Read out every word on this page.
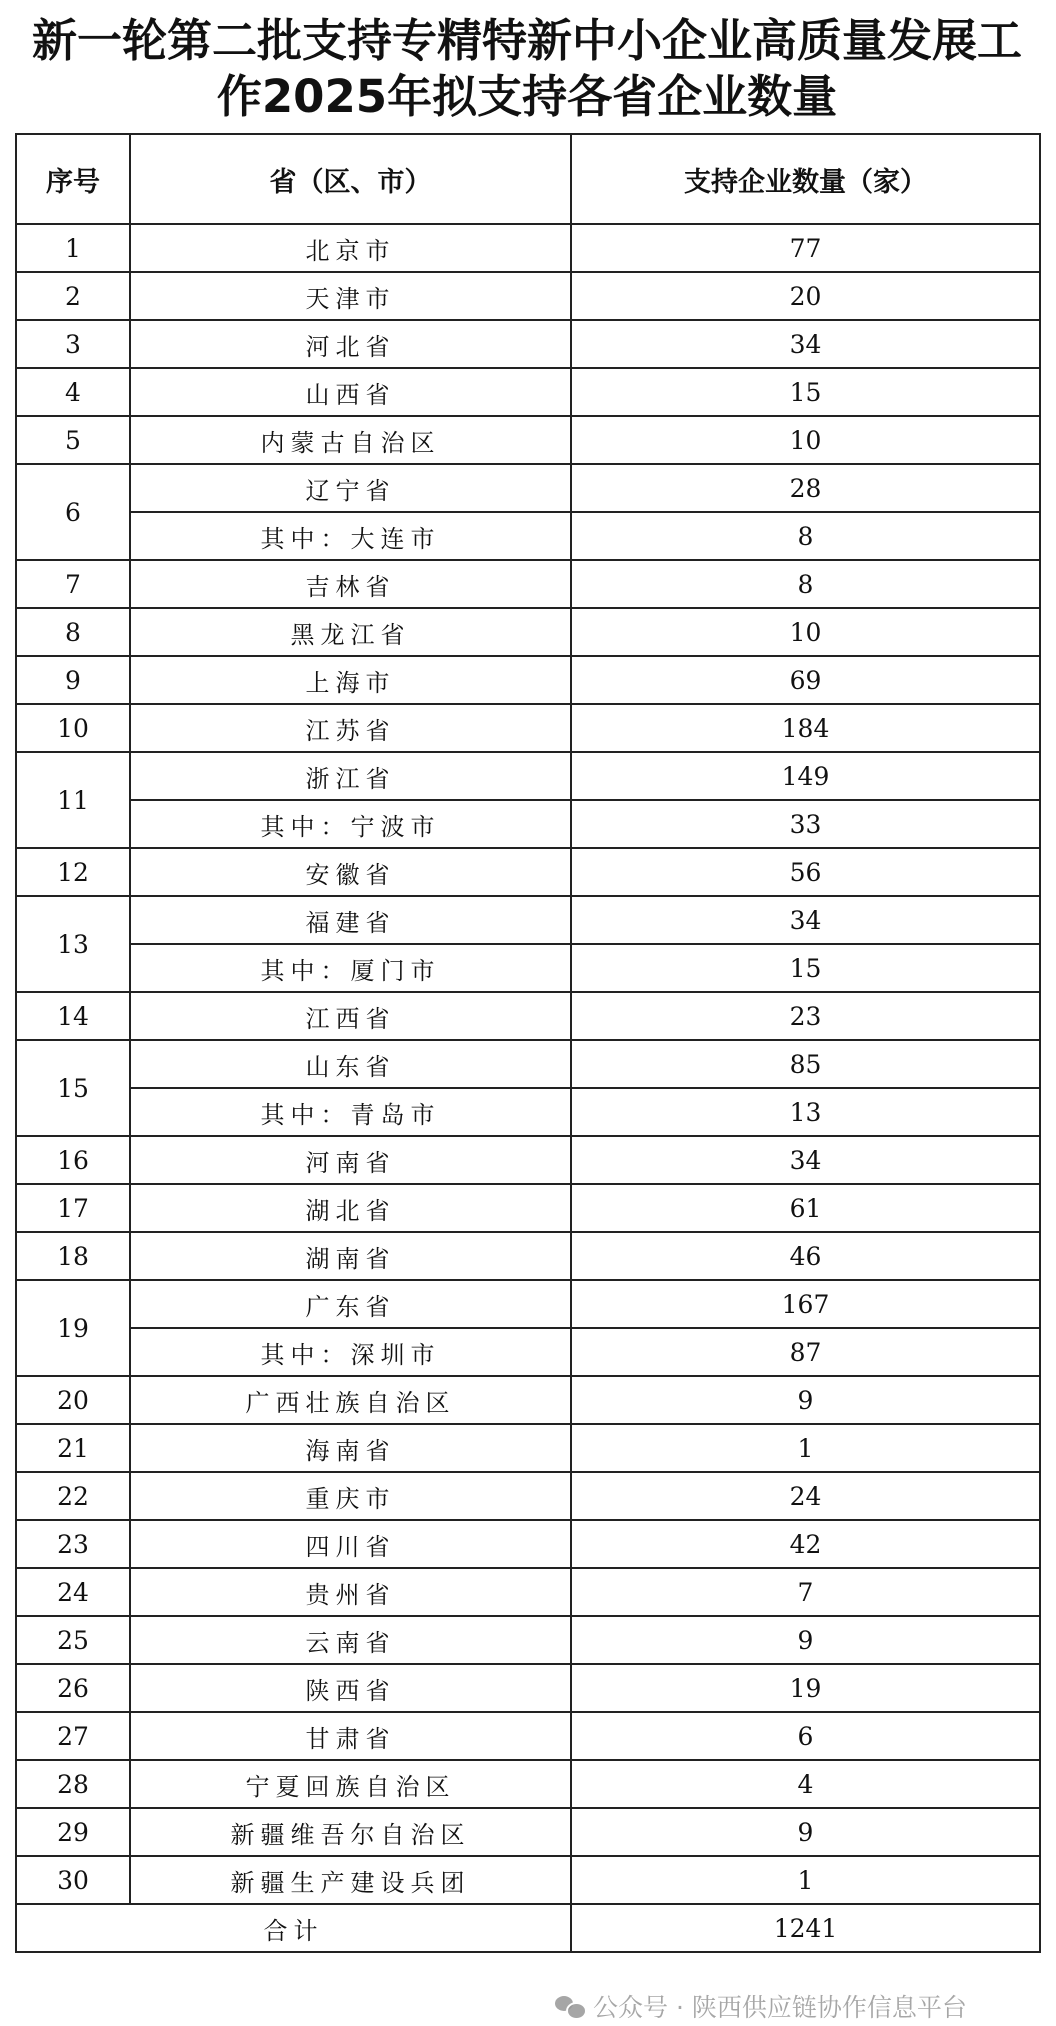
新一轮第二批支持专精特新中小企业高质量发展工
作2025年拟支持各省企业数量
序号	省（区、市）	支持企业数量（家）
1	北京市	77
2	天津市	20
3	河北省	34
4	山西省	15
5	内蒙古自治区	10
6	辽宁省	28
	其中：大连市	8
7	吉林省	8
8	黑龙江省	10
9	上海市	69
10	江苏省	184
11	浙江省	149
	其中：宁波市	33
12	安徽省	56
13	福建省	34
	其中：厦门市	15
14	江西省	23
15	山东省	85
	其中：青岛市	13
16	河南省	34
17	湖北省	61
18	湖南省	46
19	广东省	167
	其中：深圳市	87
20	广西壮族自治区	9
21	海南省	1
22	重庆市	24
23	四川省	42
24	贵州省	7
25	云南省	9
26	陕西省	19
27	甘肃省	6
28	宁夏回族自治区	4
29	新疆维吾尔自治区	9
30	新疆生产建设兵团	1
合计		1241
公众号 · 陕西供应链协作信息平台
